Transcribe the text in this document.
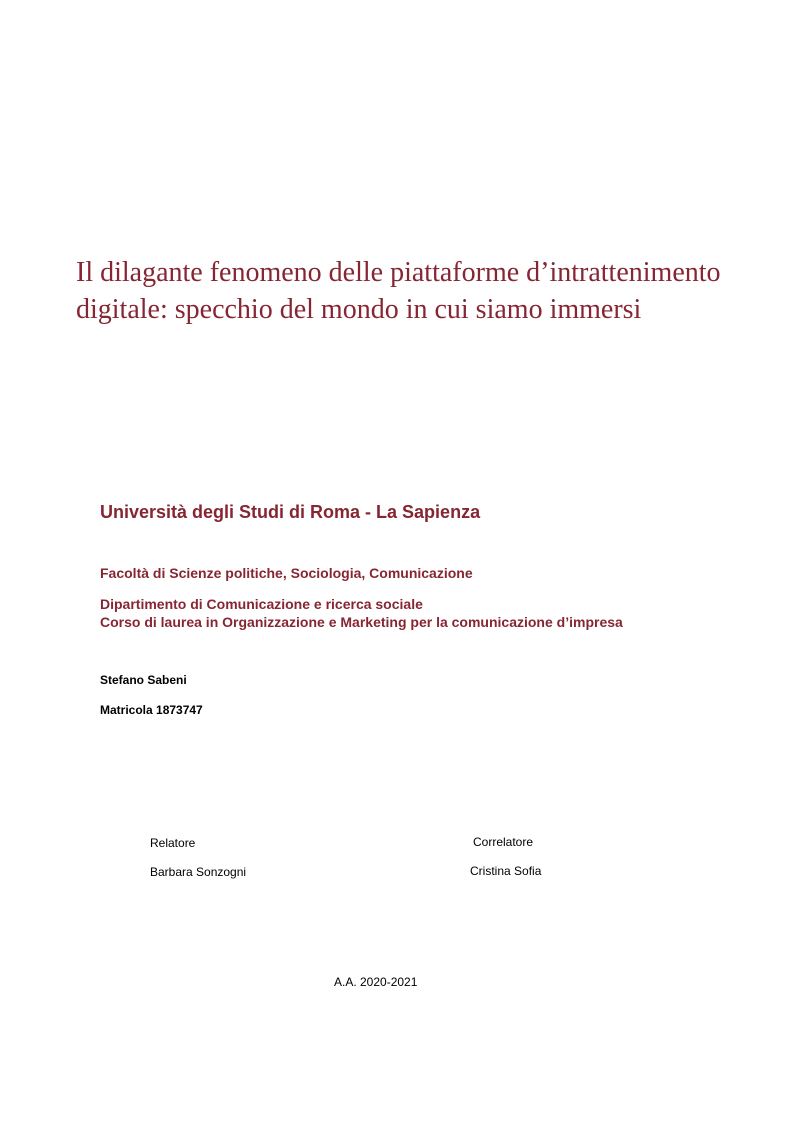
Il dilagante fenomeno delle piattaforme d’intrattenimento
digitale: specchio del mondo in cui siamo immersi
Università degli Studi di Roma - La Sapienza
Facoltà di Scienze politiche, Sociologia, Comunicazione
Dipartimento di Comunicazione e ricerca sociale
Corso di laurea in Organizzazione e Marketing per la comunicazione d’impresa
Stefano Sabeni
Matricola 1873747
Relatore
Barbara Sonzogni
Correlatore
Cristina Sofia
A.A. 2020-2021
